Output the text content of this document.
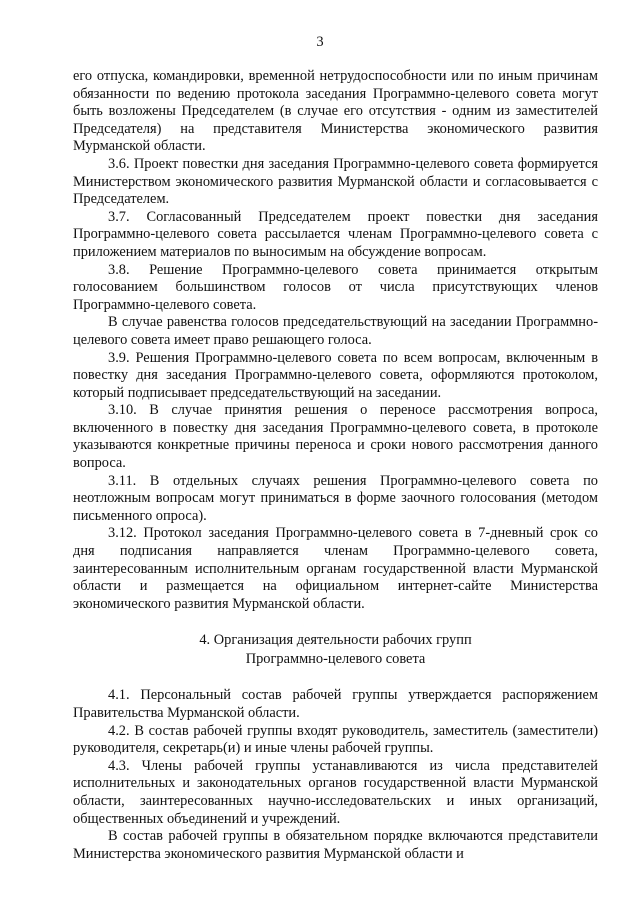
3

его отпуска, командировки, временной нетрудоспособности или по иным причинам обязанности по ведению протокола заседания Программно-целевого совета могут быть возложены Председателем (в случае его отсутствия - одним из заместителей Председателя) на представителя Министерства экономического развития Мурманской области.

3.6. Проект повестки дня заседания Программно-целевого совета формируется Министерством экономического развития Мурманской области и согласовывается с Председателем.

3.7. Согласованный Председателем проект повестки дня заседания Программно-целевого совета рассылается членам Программно-целевого совета с приложением материалов по выносимым на обсуждение вопросам.

3.8. Решение Программно-целевого совета принимается открытым голосованием большинством голосов от числа присутствующих членов Программно-целевого совета.

В случае равенства голосов председательствующий на заседании Программно-целевого совета имеет право решающего голоса.

3.9. Решения Программно-целевого совета по всем вопросам, включенным в повестку дня заседания Программно-целевого совета, оформляются протоколом, который подписывает председательствующий на заседании.

3.10. В случае принятия решения о переносе рассмотрения вопроса, включенного в повестку дня заседания Программно-целевого совета, в протоколе указываются конкретные причины переноса и сроки нового рассмотрения данного вопроса.

3.11. В отдельных случаях решения Программно-целевого совета по неотложным вопросам могут приниматься в форме заочного голосования (методом письменного опроса).

3.12. Протокол заседания Программно-целевого совета в 7-дневный срок со дня подписания направляется членам Программно-целевого совета, заинтересованным исполнительным органам государственной власти Мурманской области и размещается на официальном интернет-сайте Министерства экономического развития Мурманской области.

4. Организация деятельности рабочих групп
Программно-целевого совета

4.1. Персональный состав рабочей группы утверждается распоряжением Правительства Мурманской области.

4.2. В состав рабочей группы входят руководитель, заместитель (заместители) руководителя, секретарь(и) и иные члены рабочей группы.

4.3. Члены рабочей группы устанавливаются из числа представителей исполнительных и законодательных органов государственной власти Мурманской области, заинтересованных научно-исследовательских и иных организаций, общественных объединений и учреждений.

В состав рабочей группы в обязательном порядке включаются представители Министерства экономического развития Мурманской области и
